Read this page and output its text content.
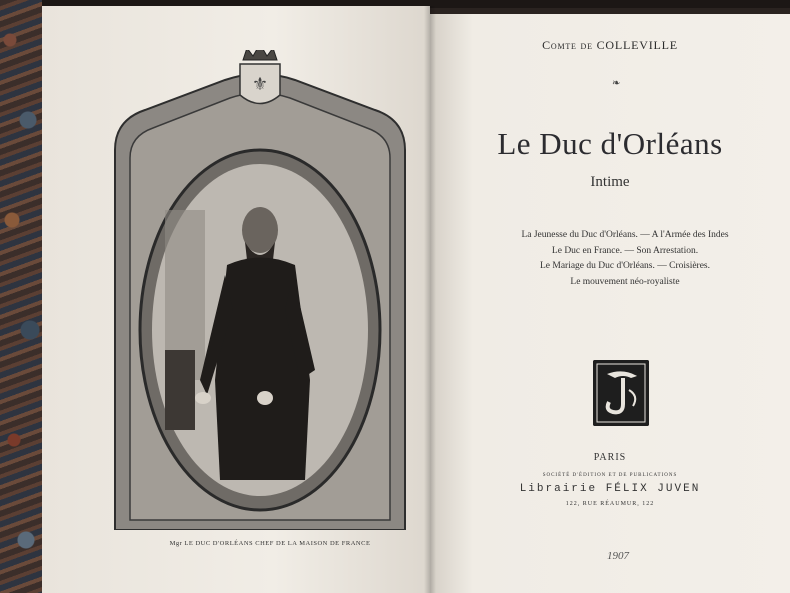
⚜
Mgr LE DUC D'ORLÉANS CHEF DE LA MAISON DE FRANCE
Comte de COLLEVILLE
❧
Le Duc d'Orléans
Intime
La Jeunesse du Duc d'Orléans. — A l'Armée des Indes
Le Duc en France. — Son Arrestation.
Le Mariage du Duc d'Orléans. — Croisières.
Le mouvement néo-royaliste
PARIS
SOCIÉTÉ D'ÉDITION ET DE PUBLICATIONS
Librairie FÉLIX JUVEN
122, RUE RÉAUMUR, 122
1907
